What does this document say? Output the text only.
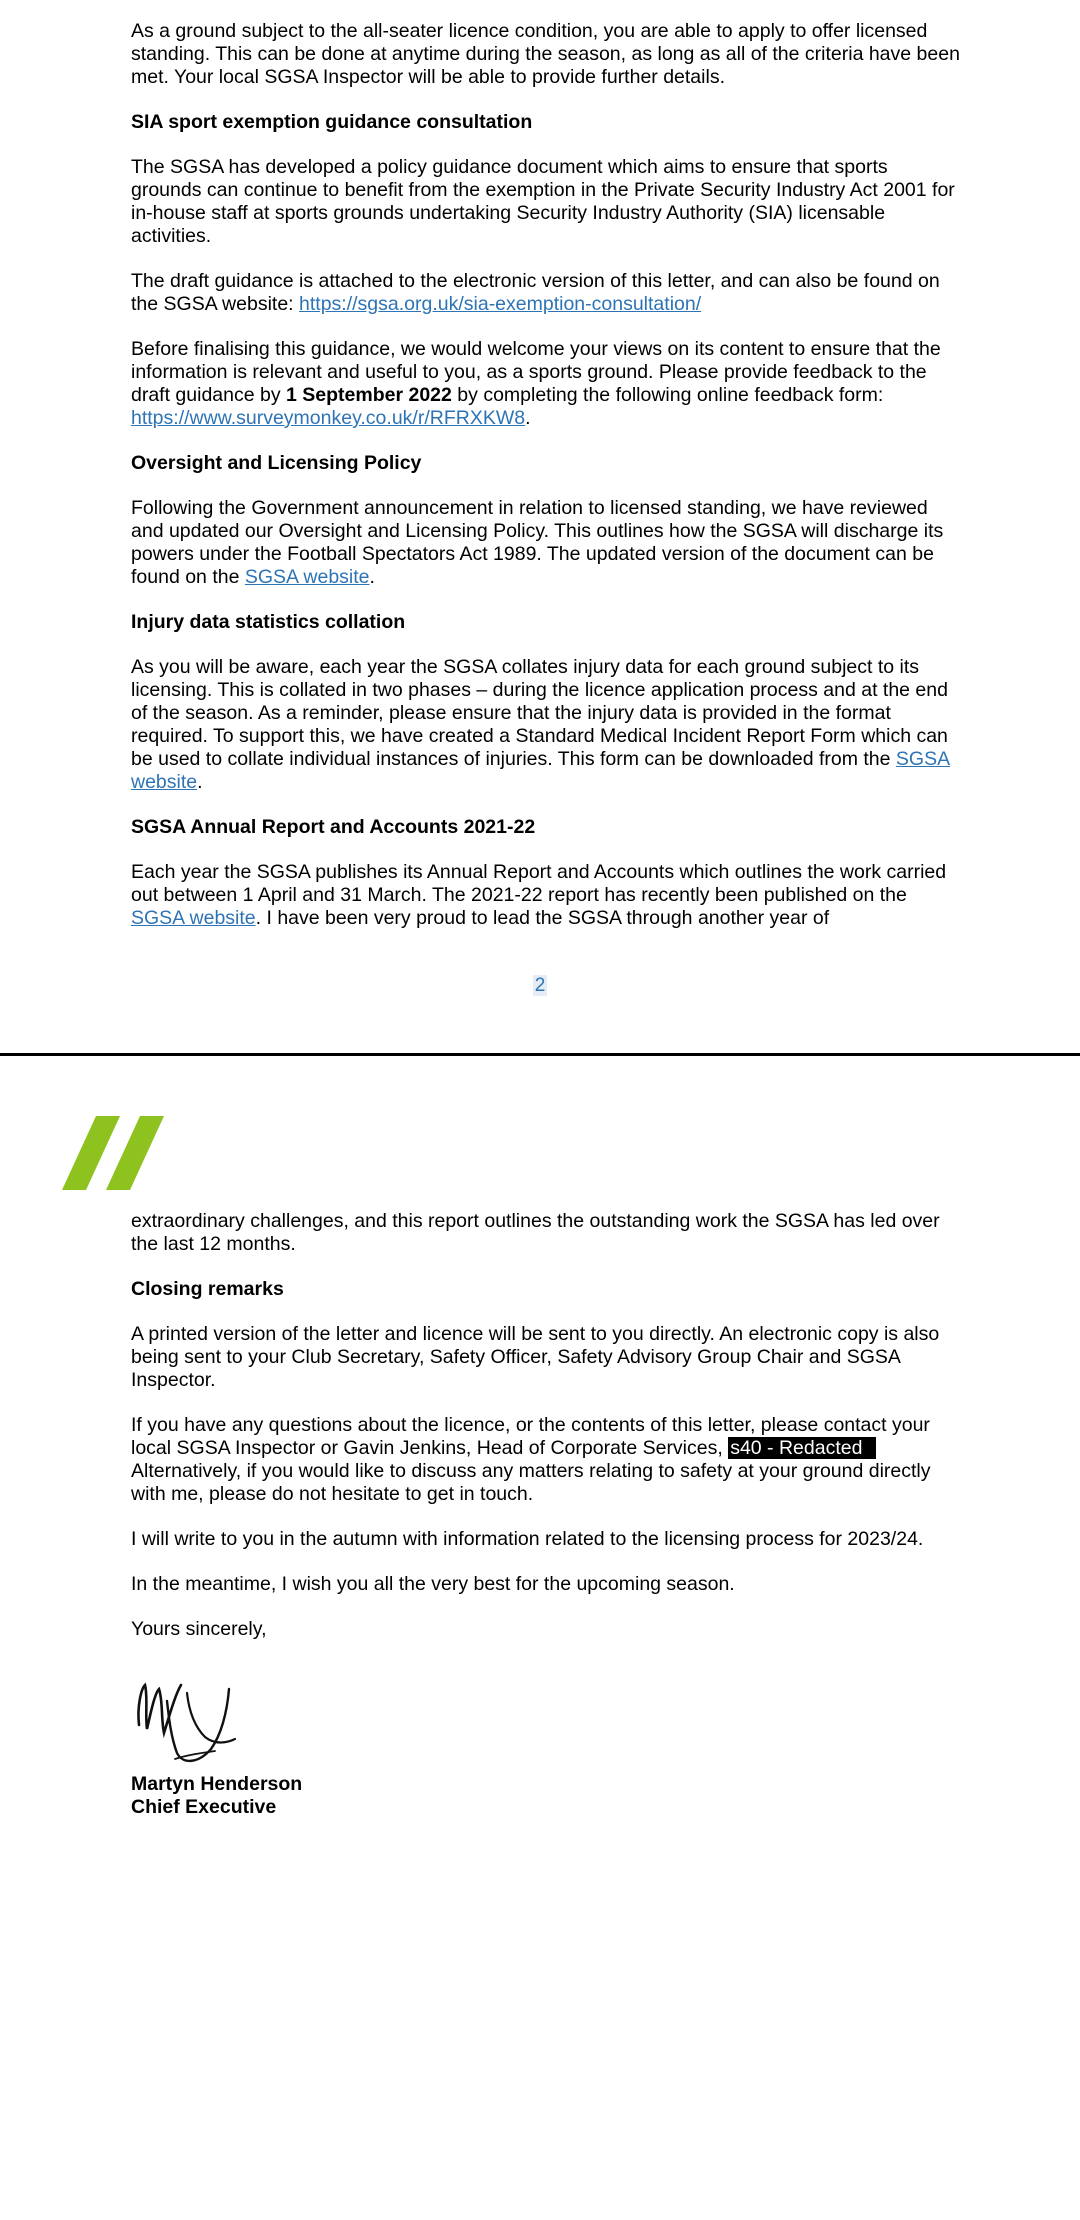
As a ground subject to the all-seater licence condition, you are able to apply to offer licensed standing. This can be done at anytime during the season, as long as all of the criteria have been met. Your local SGSA Inspector will be able to provide further details.

SIA sport exemption guidance consultation

The SGSA has developed a policy guidance document which aims to ensure that sports grounds can continue to benefit from the exemption in the Private Security Industry Act 2001 for in-house staff at sports grounds undertaking Security Industry Authority (SIA) licensable activities.

The draft guidance is attached to the electronic version of this letter, and can also be found on the SGSA website: https://sgsa.org.uk/sia-exemption-consultation/

Before finalising this guidance, we would welcome your views on its content to ensure that the information is relevant and useful to you, as a sports ground. Please provide feedback to the draft guidance by 1 September 2022 by completing the following online feedback form: https://www.surveymonkey.co.uk/r/RFRXKW8.

Oversight and Licensing Policy

Following the Government announcement in relation to licensed standing, we have reviewed and updated our Oversight and Licensing Policy. This outlines how the SGSA will discharge its powers under the Football Spectators Act 1989. The updated version of the document can be found on the SGSA website.

Injury data statistics collation

As you will be aware, each year the SGSA collates injury data for each ground subject to its licensing. This is collated in two phases – during the licence application process and at the end of the season. As a reminder, please ensure that the injury data is provided in the format required. To support this, we have created a Standard Medical Incident Report Form which can be used to collate individual instances of injuries. This form can be downloaded from the SGSA website.

SGSA Annual Report and Accounts 2021-22

Each year the SGSA publishes its Annual Report and Accounts which outlines the work carried out between 1 April and 31 March. The 2021-22 report has recently been published on the SGSA website. I have been very proud to lead the SGSA through another year of

2

extraordinary challenges, and this report outlines the outstanding work the SGSA has led over the last 12 months.

Closing remarks

A printed version of the letter and licence will be sent to you directly. An electronic copy is also being sent to your Club Secretary, Safety Officer, Safety Advisory Group Chair and SGSA Inspector.

If you have any questions about the licence, or the contents of this letter, please contact your local SGSA Inspector or Gavin Jenkins, Head of Corporate Services, s40 - Redacted Alternatively, if you would like to discuss any matters relating to safety at your ground directly with me, please do not hesitate to get in touch.

I will write to you in the autumn with information related to the licensing process for 2023/24.

In the meantime, I wish you all the very best for the upcoming season.

Yours sincerely,

Martyn Henderson

Chief Executive
